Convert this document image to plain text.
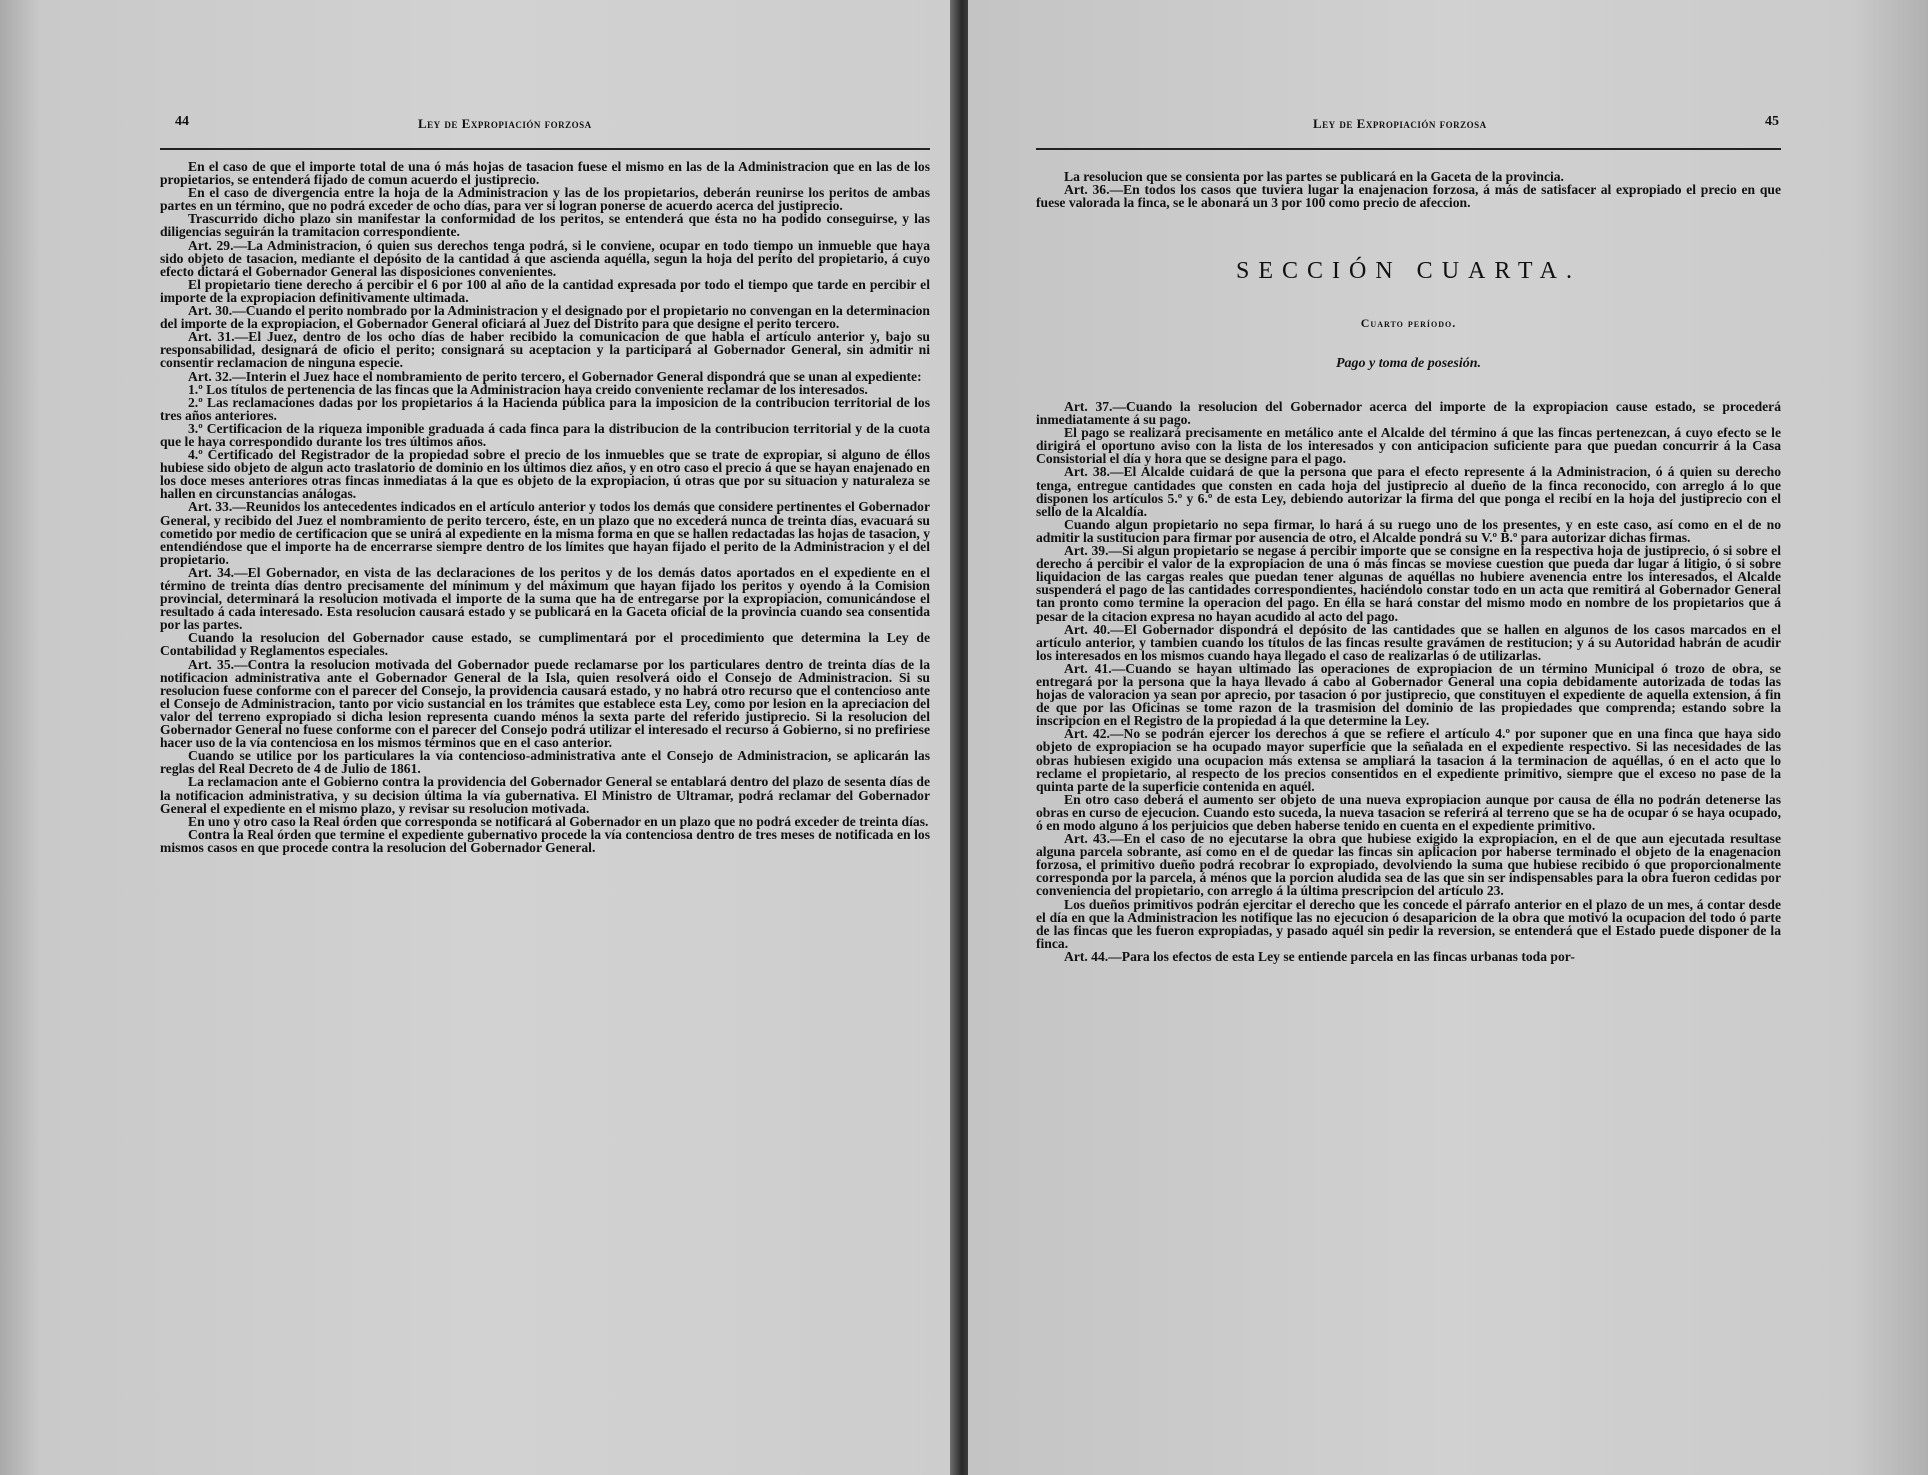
44	Ley de Expropiación forzosa

En el caso de que el importe total de una ó más hojas de tasacion fuese el mismo en las de la Administracion que en las de los propietarios, se entenderá fijado de comun acuerdo el justiprecio.

En el caso de divergencia entre la hoja de la Administracion y las de los propietarios, deberán reunirse los peritos de ambas partes en un término, que no podrá exceder de ocho días, para ver si logran ponerse de acuerdo acerca del justiprecio.

Trascurrido dicho plazo sin manifestar la conformidad de los peritos, se entenderá que ésta no ha podido conseguirse, y las diligencias seguirán la tramitacion correspondiente.

Art. 29.—La Administracion, ó quien sus derechos tenga podrá, si le conviene, ocupar en todo tiempo un inmueble que haya sido objeto de tasacion, mediante el depósito de la cantidad á que ascienda aquélla, segun la hoja del perito del propietario, á cuyo efecto dictará el Gobernador General las disposiciones convenientes.

El propietario tiene derecho á percibir el 6 por 100 al año de la cantidad expresada por todo el tiempo que tarde en percibir el importe de la expropiacion definitivamente ultimada.

Art. 30.—Cuando el perito nombrado por la Administracion y el designado por el propietario no convengan en la determinacion del importe de la expropiacion, el Gobernador General oficiará al Juez del Distrito para que designe el perito tercero.

Art. 31.—El Juez, dentro de los ocho días de haber recibido la comunicacion de que habla el artículo anterior y, bajo su responsabilidad, designará de oficio el perito; consignará su aceptacion y la participará al Gobernador General, sin admitir ni consentir reclamacion de ninguna especie.

Art. 32.—Interin el Juez hace el nombramiento de perito tercero, el Gobernador General dispondrá que se unan al expediente:

1.º Los títulos de pertenencia de las fincas que la Administracion haya creido conveniente reclamar de los interesados.

2.º Las reclamaciones dadas por los propietarios á la Hacienda pública para la imposicion de la contribucion territorial de los tres años anteriores.

3.º Certificacion de la riqueza imponible graduada á cada finca para la distribucion de la contribucion territorial y de la cuota que le haya correspondido durante los tres últimos años.

4.º Certificado del Registrador de la propiedad sobre el precio de los inmuebles que se trate de expropiar, si alguno de éllos hubiese sido objeto de algun acto traslatorio de dominio en los últimos diez años, y en otro caso el precio á que se hayan enajenado en los doce meses anteriores otras fincas inmediatas á la que es objeto de la expropiacion, ú otras que por su situacion y naturaleza se hallen en circunstancias análogas.

Art. 33.—Reunidos los antecedentes indicados en el artículo anterior y todos los demás que considere pertinentes el Gobernador General, y recibido del Juez el nombramiento de perito tercero, éste, en un plazo que no excederá nunca de treinta días, evacuará su cometido por medio de certificacion que se unirá al expediente en la misma forma en que se hallen redactadas las hojas de tasacion, y entendiéndose que el importe ha de encerrarse siempre dentro de los límites que hayan fijado el perito de la Administracion y el del propietario.

Art. 34.—El Gobernador, en vista de las declaraciones de los peritos y de los demás datos aportados en el expediente en el término de treinta días dentro precisamente del mínimum y del máximum que hayan fijado los peritos y oyendo á la Comision provincial, determinará la resolucion motivada el importe de la suma que ha de entregarse por la expropiacion, comunicándose el resultado á cada interesado. Esta resolucion causará estado y se publicará en la Gaceta oficial de la provincia cuando sea consentida por las partes.

Cuando la resolucion del Gobernador cause estado, se cumplimentará por el procedimiento que determina la Ley de Contabilidad y Reglamentos especiales.

Art. 35.—Contra la resolucion motivada del Gobernador puede reclamarse por los particulares dentro de treinta días de la notificacion administrativa ante el Gobernador General de la Isla, quien resolverá oido el Consejo de Administracion. Si su resolucion fuese conforme con el parecer del Consejo, la providencia causará estado, y no habrá otro recurso que el contencioso ante el Consejo de Administracion, tanto por vicio sustancial en los trámites que establece esta Ley, como por lesion en la apreciacion del valor del terreno expropiado si dicha lesion representa cuando ménos la sexta parte del referido justiprecio. Si la resolucion del Gobernador General no fuese conforme con el parecer del Consejo podrá utilizar el interesado el recurso á Gobierno, si no prefiriese hacer uso de la vía contenciosa en los mismos términos que en el caso anterior.

Cuando se utilice por los particulares la vía contencioso-administrativa ante el Consejo de Administracion, se aplicarán las reglas del Real Decreto de 4 de Julio de 1861.

La reclamacion ante el Gobierno contra la providencia del Gobernador General se entablará dentro del plazo de sesenta días de la notificacion administrativa, y su decision última la vía gubernativa. El Ministro de Ultramar, podrá reclamar del Gobernador General el expediente en el mismo plazo, y revisar su resolucion motivada.

En uno y otro caso la Real órden que corresponda se notificará al Gobernador en un plazo que no podrá exceder de treinta días.

Contra la Real órden que termine el expediente gubernativo procede la vía contenciosa dentro de tres meses de notificada en los mismos casos en que procede contra la resolucion del Gobernador General.

Ley de Expropiación forzosa	45

La resolucion que se consienta por las partes se publicará en la Gaceta de la provincia.

Art. 36.—En todos los casos que tuviera lugar la enajenacion forzosa, á más de satisfacer al expropiado el precio en que fuese valorada la finca, se le abonará un 3 por 100 como precio de afeccion.

SECCIÓN CUARTA.
Cuarto período.
Pago y toma de posesión.

Art. 37.—Cuando la resolucion del Gobernador acerca del importe de la expropiacion cause estado, se procederá inmediatamente á su pago.

El pago se realizará precisamente en metálico ante el Alcalde del término á que las fincas pertenezcan, á cuyo efecto se le dirigirá el oportuno aviso con la lista de los interesados y con anticipacion suficiente para que puedan concurrir á la Casa Consistorial el día y hora que se designe para el pago.

Art. 38.—El Alcalde cuidará de que la persona que para el efecto represente á la Administracion, ó á quien su derecho tenga, entregue cantidades que consten en cada hoja del justiprecio al dueño de la finca reconocido, con arreglo á lo que disponen los artículos 5.º y 6.º de esta Ley, debiendo autorizar la firma del que ponga el recibí en la hoja del justiprecio con el sello de la Alcaldía.

Cuando algun propietario no sepa firmar, lo hará á su ruego uno de los presentes, y en este caso, así como en el de no admitir la sustitucion para firmar por ausencia de otro, el Alcalde pondrá su V.º B.º para autorizar dichas firmas.

Art. 39.—Si algun propietario se negase á percibir importe que se consigne en la respectiva hoja de justiprecio, ó si sobre el derecho á percibir el valor de la expropiacion de una ó más fincas se moviese cuestion que pueda dar lugar á litigio, ó si sobre liquidacion de las cargas reales que puedan tener algunas de aquéllas no hubiere avenencia entre los interesados, el Alcalde suspenderá el pago de las cantidades correspondientes, haciéndolo constar todo en un acta que remitirá al Gobernador General tan pronto como termine la operacion del pago. En élla se hará constar del mismo modo en nombre de los propietarios que á pesar de la citacion expresa no hayan acudido al acto del pago.

Art. 40.—El Gobernador dispondrá el depósito de las cantidades que se hallen en algunos de los casos marcados en el artículo anterior, y tambien cuando los títulos de las fincas resulte gravámen de restitucion; y á su Autoridad habrán de acudir los interesados en los mismos cuando haya llegado el caso de realizarlas ó de utilizarlas.

Art. 41.—Cuando se hayan ultimado las operaciones de expropiacion de un término Municipal ó trozo de obra, se entregará por la persona que la haya llevado á cabo al Gobernador General una copia debidamente autorizada de todas las hojas de valoracion ya sean por aprecio, por tasacion ó por justiprecio, que constituyen el expediente de aquella extension, á fin de que por las Oficinas se tome razon de la trasmision del dominio de las propiedades que comprenda; estando sobre la inscripcion en el Registro de la propiedad á la que determine la Ley.

Art. 42.—No se podrán ejercer los derechos á que se refiere el artículo 4.º por suponer que en una finca que haya sido objeto de expropiacion se ha ocupado mayor superficie que la señalada en el expediente respectivo. Si las necesidades de las obras hubiesen exigido una ocupacion más extensa se ampliará la tasacion á la terminacion de aquéllas, ó en el acto que lo reclame el propietario, al respecto de los precios consentidos en el expediente primitivo, siempre que el exceso no pase de la quinta parte de la superficie contenida en aquél.

En otro caso deberá el aumento ser objeto de una nueva expropiacion aunque por causa de élla no podrán detenerse las obras en curso de ejecucion. Cuando esto suceda, la nueva tasacion se referirá al terreno que se ha de ocupar ó se haya ocupado, ó en modo alguno á los perjuicios que deben haberse tenido en cuenta en el expediente primitivo.

Art. 43.—En el caso de no ejecutarse la obra que hubiese exigido la expropiacion, en el de que aun ejecutada resultase alguna parcela sobrante, así como en el de quedar las fincas sin aplicacion por haberse terminado el objeto de la enagenacion forzosa, el primitivo dueño podrá recobrar lo expropiado, devolviendo la suma que hubiese recibido ó que proporcionalmente corresponda por la parcela, á ménos que la porcion aludida sea de las que sin ser indispensables para la obra fueron cedidas por conveniencia del propietario, con arreglo á la última prescripcion del artículo 23.

Los dueños primitivos podrán ejercitar el derecho que les concede el párrafo anterior en el plazo de un mes, á contar desde el día en que la Administracion les notifique las no ejecucion ó desaparicion de la obra que motivó la ocupacion del todo ó parte de las fincas que les fueron expropiadas, y pasado aquél sin pedir la reversion, se entenderá que el Estado puede disponer de la finca.

Art. 44.—Para los efectos de esta Ley se entiende parcela en las fincas urbanas toda por-
